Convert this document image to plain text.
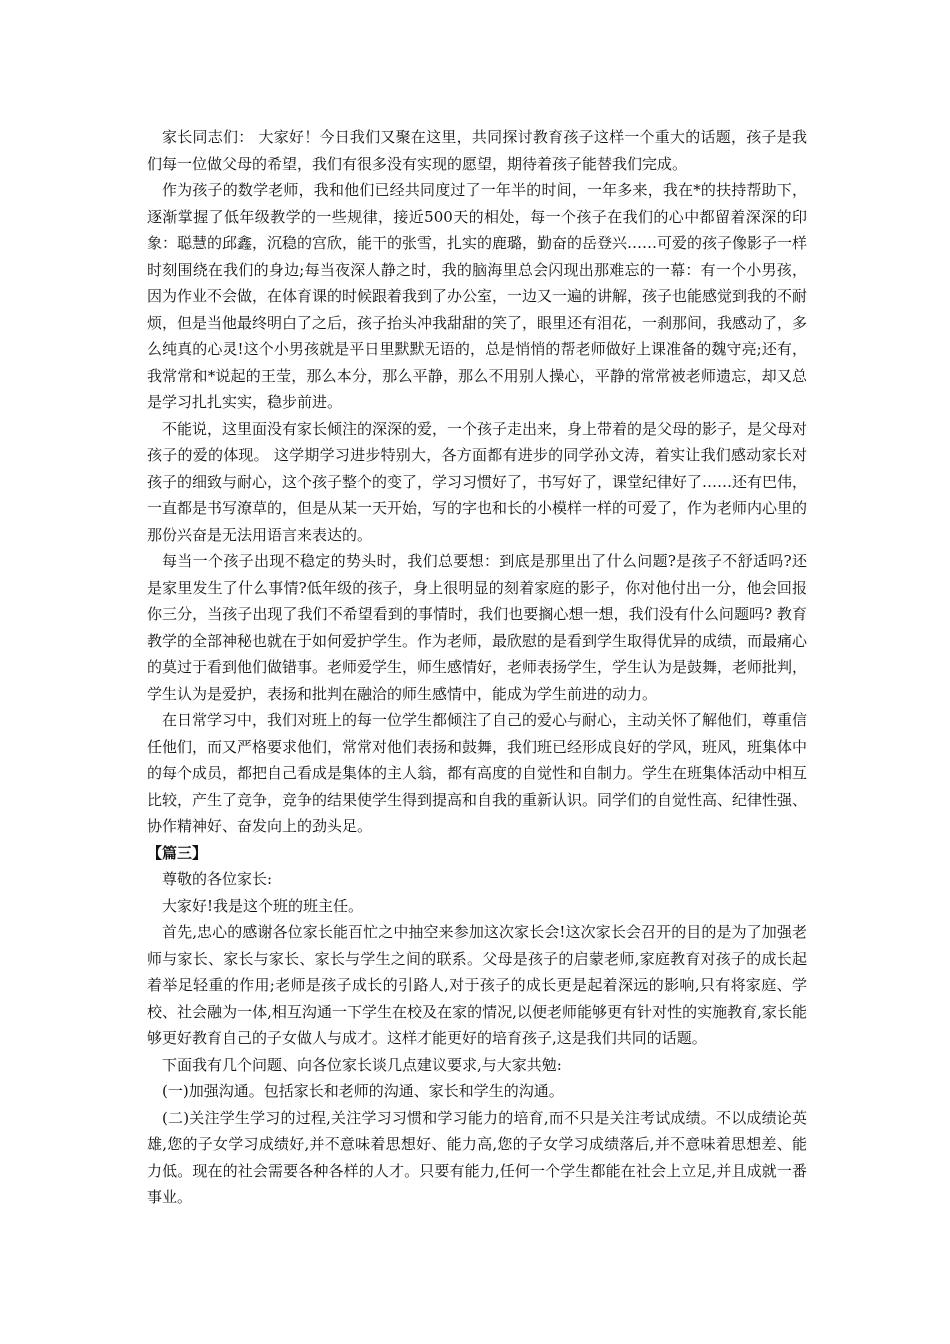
家长同志们： 大家好！今日我们又聚在这里，共同探讨教育孩子这样一个重大的话题，孩子是我们每一位做父母的希望，我们有很多没有实现的愿望，期待着孩子能替我们完成。

作为孩子的数学老师，我和他们已经共同度过了一年半的时间，一年多来，我在*的扶持帮助下，逐渐掌握了低年级教学的一些规律，接近500天的相处，每一个孩子在我们的心中都留着深深的印象：聪慧的邱鑫，沉稳的宫欣，能干的张雪，扎实的鹿璐，勤奋的岳登兴……可爱的孩子像影子一样时刻围绕在我们的身边;每当夜深人静之时，我的脑海里总会闪现出那难忘的一幕：有一个小男孩，因为作业不会做，在体育课的时候跟着我到了办公室，一边又一遍的讲解，孩子也能感觉到我的不耐烦，但是当他最终明白了之后，孩子抬头冲我甜甜的笑了，眼里还有泪花，一刹那间，我感动了，多么纯真的心灵!这个小男孩就是平日里默默无语的，总是悄悄的帮老师做好上课准备的魏守亮;还有，我常常和*说起的王莹，那么本分，那么平静，那么不用别人操心，平静的常常被老师遗忘，却又总是学习扎扎实实，稳步前进。

不能说，这里面没有家长倾注的深深的爱，一个孩子走出来，身上带着的是父母的影子，是父母对孩子的爱的体现。 这学期学习进步特别大，各方面都有进步的同学孙文涛，着实让我们感动家长对孩子的细致与耐心，这个孩子整个的变了，学习习惯好了，书写好了，课堂纪律好了……还有巴伟，一直都是书写潦草的，但是从某一天开始，写的字也和长的小模样一样的可爱了，作为老师内心里的那份兴奋是无法用语言来表达的。

每当一个孩子出现不稳定的势头时，我们总要想：到底是那里出了什么问题?是孩子不舒适吗?还是家里发生了什么事情?低年级的孩子，身上很明显的刻着家庭的影子，你对他付出一分，他会回报你三分，当孩子出现了我们不希望看到的事情时，我们也要搁心想一想，我们没有什么问题吗? 教育教学的全部神秘也就在于如何爱护学生。作为老师，最欣慰的是看到学生取得优异的成绩，而最痛心的莫过于看到他们做错事。老师爱学生，师生感情好，老师表扬学生，学生认为是鼓舞，老师批判，学生认为是爱护，表扬和批判在融洽的师生感情中，能成为学生前进的动力。

在日常学习中，我们对班上的每一位学生都倾注了自己的爱心与耐心，主动关怀了解他们，尊重信任他们，而又严格要求他们，常常对他们表扬和鼓舞，我们班已经形成良好的学风，班风，班集体中的每个成员，都把自己看成是集体的主人翁，都有高度的自觉性和自制力。学生在班集体活动中相互比较，产生了竞争，竞争的结果使学生得到提高和自我的重新认识。同学们的自觉性高、纪律性强、协作精神好、奋发向上的劲头足。

【篇三】

尊敬的各位家长:

大家好!我是这个班的班主任。

首先,忠心的感谢各位家长能百忙之中抽空来参加这次家长会!这次家长会召开的目的是为了加强老师与家长、家长与家长、家长与学生之间的联系。父母是孩子的启蒙老师,家庭教育对孩子的成长起着举足轻重的作用;老师是孩子成长的引路人,对于孩子的成长更是起着深远的影响,只有将家庭、学校、社会融为一体,相互沟通一下学生在校及在家的情况,以便老师能够更有针对性的实施教育,家长能够更好教育自己的子女做人与成才。这样才能更好的培育孩子,这是我们共同的话题。

下面我有几个问题、向各位家长谈几点建议要求,与大家共勉:

(一)加强沟通。包括家长和老师的沟通、家长和学生的沟通。

(二)关注学生学习的过程,关注学习习惯和学习能力的培育,而不只是关注考试成绩。不以成绩论英雄,您的子女学习成绩好,并不意味着思想好、能力高,您的子女学习成绩落后,并不意味着思想差、能力低。现在的社会需要各种各样的人才。只要有能力,任何一个学生都能在社会上立足,并且成就一番事业。
